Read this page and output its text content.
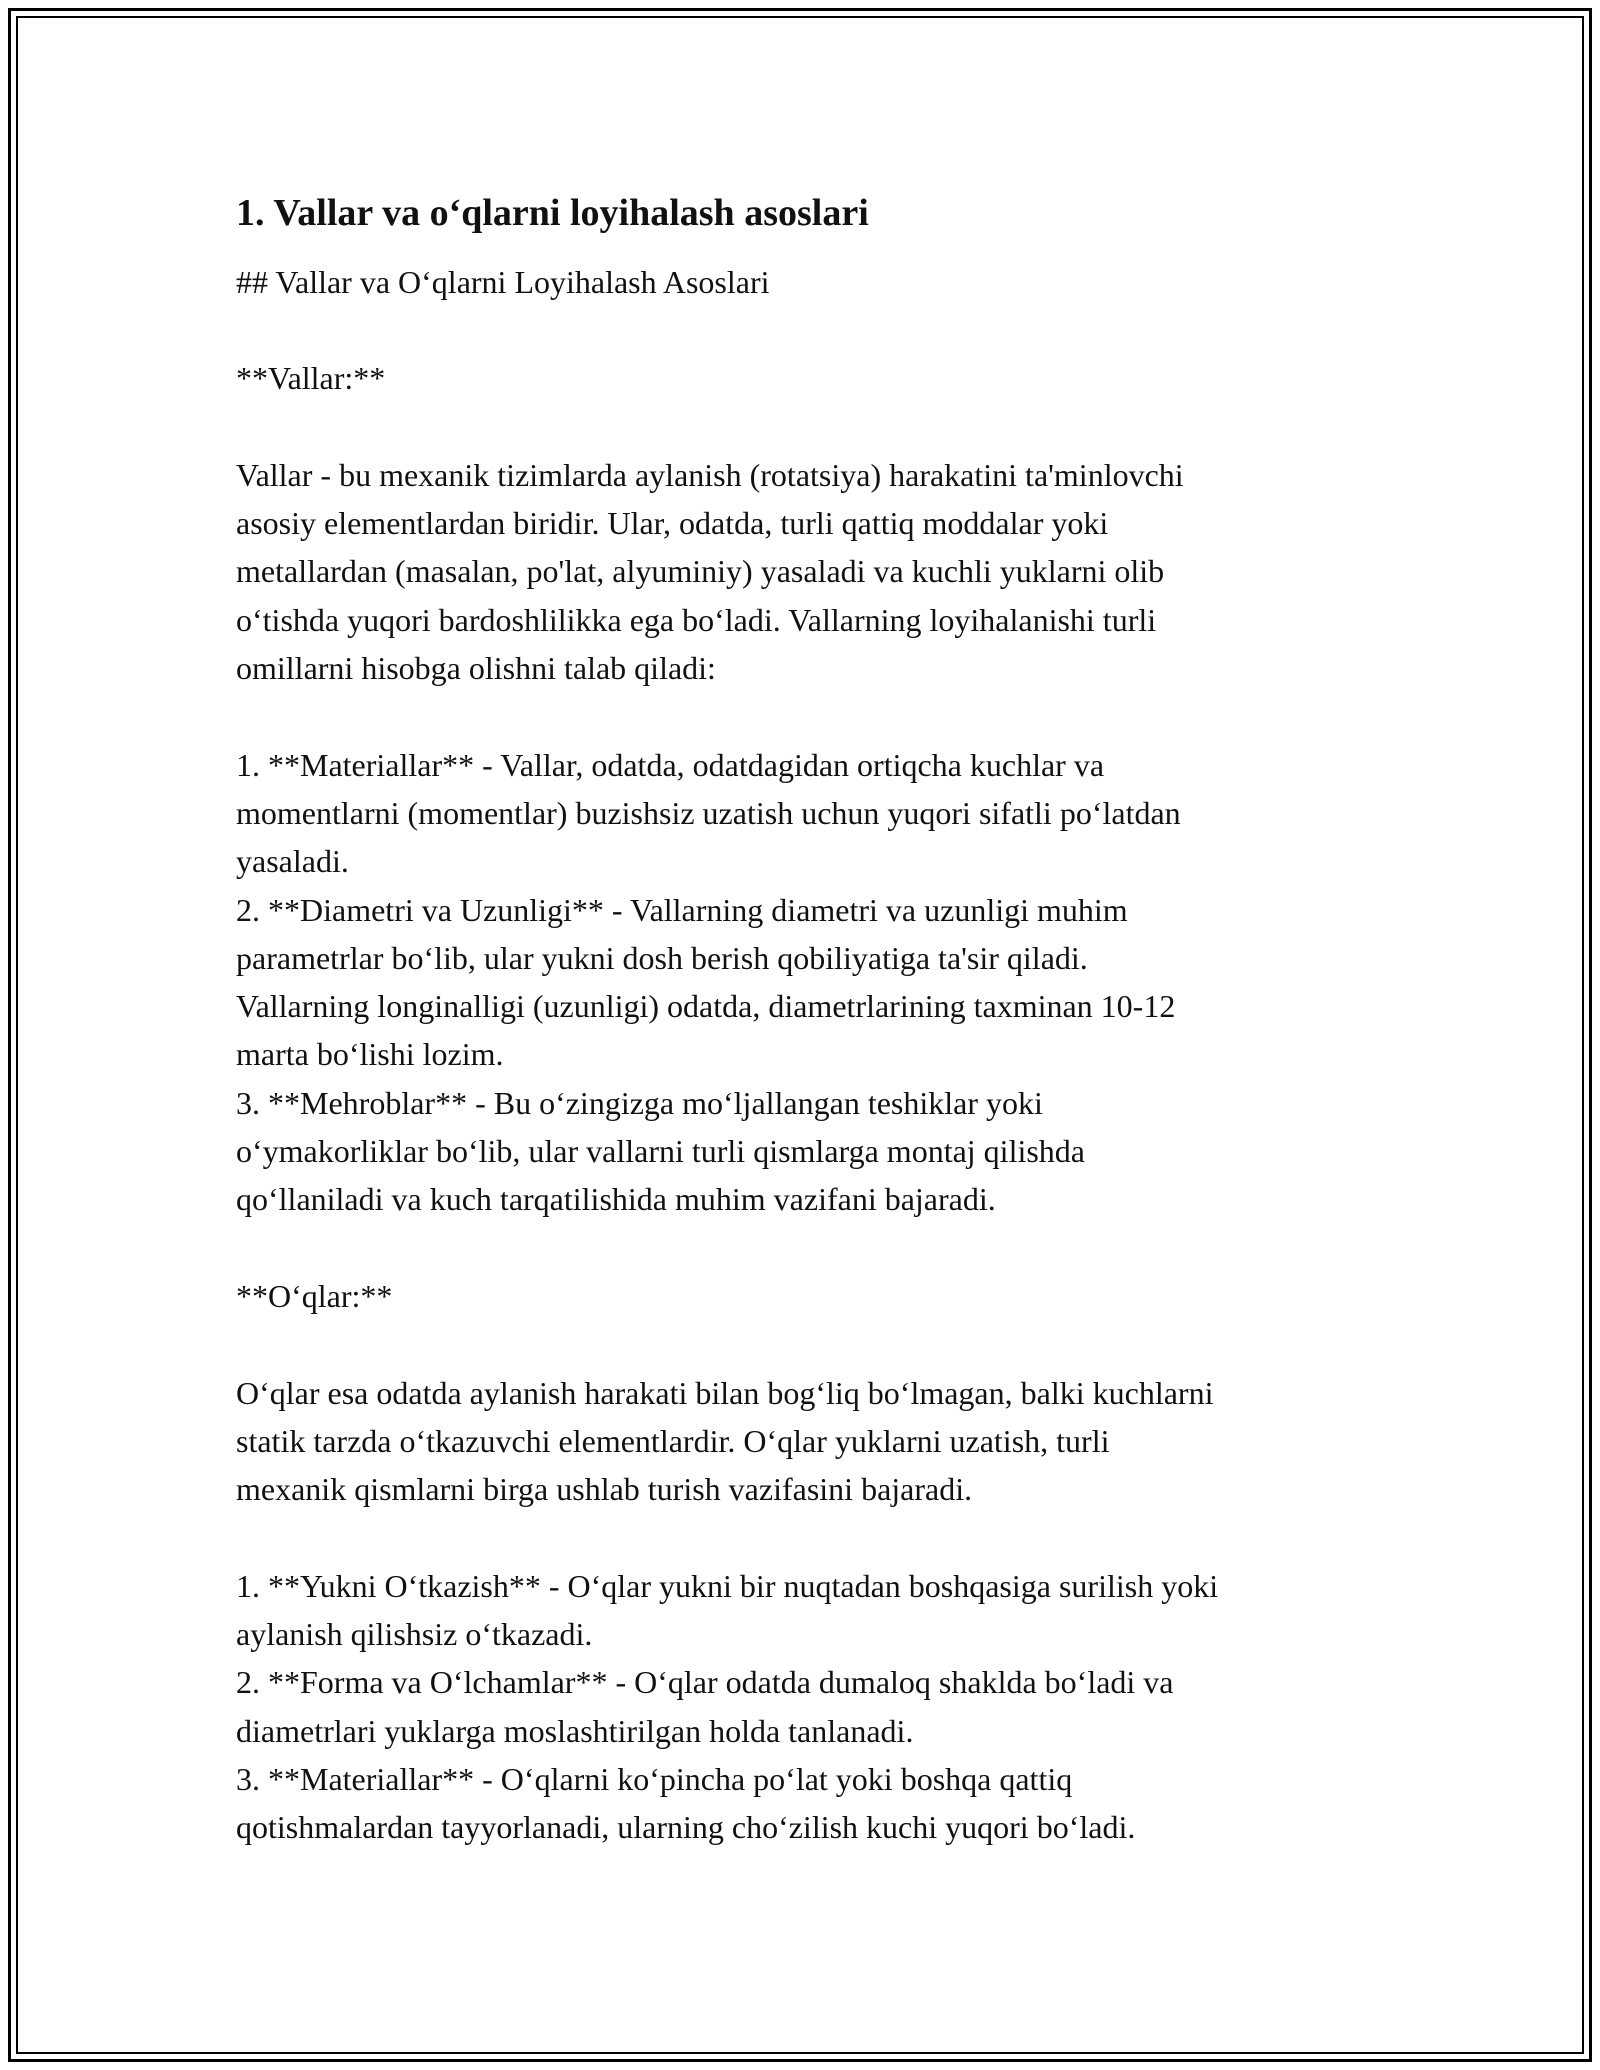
1. Vallar va o‘qlarni loyihalash asoslari

## Vallar va O‘qlarni Loyihalash Asoslari

**Vallar:**

Vallar - bu mexanik tizimlarda aylanish (rotatsiya) harakatini ta'minlovchi
asosiy elementlardan biridir. Ular, odatda, turli qattiq moddalar yoki
metallardan (masalan, po'lat, alyuminiy) yasaladi va kuchli yuklarni olib
o‘tishda yuqori bardoshlilikka ega bo‘ladi. Vallarning loyihalanishi turli
omillarni hisobga olishni talab qiladi:

1. **Materiallar** - Vallar, odatda, odatdagidan ortiqcha kuchlar va
momentlarni (momentlar) buzishsiz uzatish uchun yuqori sifatli po‘latdan
yasaladi.
2. **Diametri va Uzunligi** - Vallarning diametri va uzunligi muhim
parametrlar bo‘lib, ular yukni dosh berish qobiliyatiga ta'sir qiladi.
Vallarning longinalligi (uzunligi) odatda, diametrlarining taxminan 10-12
marta bo‘lishi lozim.
3. **Mehroblar** - Bu o‘zingizga mo‘ljallangan teshiklar yoki
o‘ymakorliklar bo‘lib, ular vallarni turli qismlarga montaj qilishda
qo‘llaniladi va kuch tarqatilishida muhim vazifani bajaradi.

**O‘qlar:**

O‘qlar esa odatda aylanish harakati bilan bog‘liq bo‘lmagan, balki kuchlarni
statik tarzda o‘tkazuvchi elementlardir. O‘qlar yuklarni uzatish, turli
mexanik qismlarni birga ushlab turish vazifasini bajaradi.

1. **Yukni O‘tkazish** - O‘qlar yukni bir nuqtadan boshqasiga surilish yoki
aylanish qilishsiz o‘tkazadi.
2. **Forma va O‘lchamlar** - O‘qlar odatda dumaloq shaklda bo‘ladi va
diametrlari yuklarga moslashtirilgan holda tanlanadi.
3. **Materiallar** - O‘qlarni ko‘pincha po‘lat yoki boshqa qattiq
qotishmalardan tayyorlanadi, ularning cho‘zilish kuchi yuqori bo‘ladi.
